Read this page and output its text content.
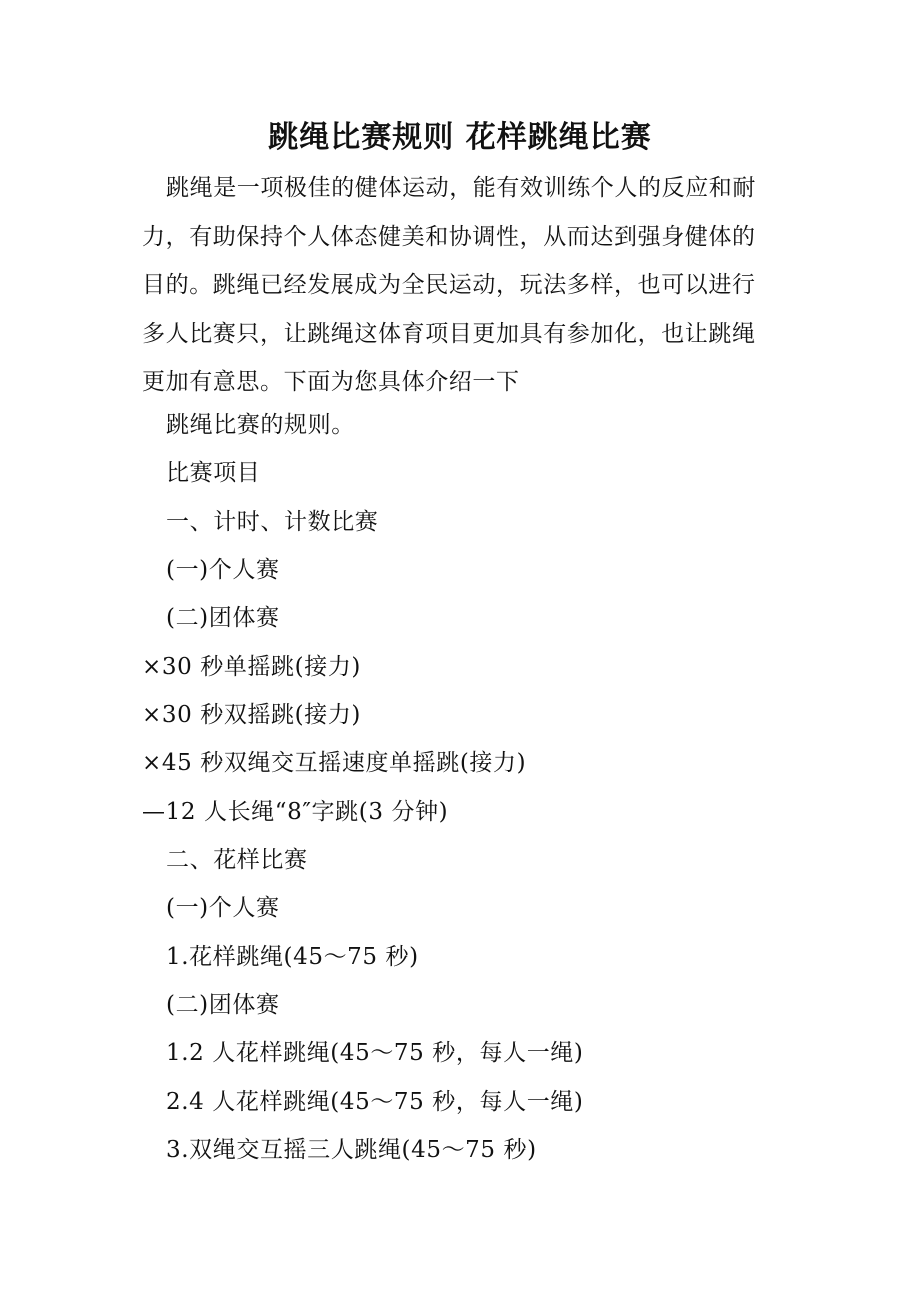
跳绳比赛规则 花样跳绳比赛

跳绳是一项极佳的健体运动，能有效训练个人的反应和耐力，有助保持个人体态健美和协调性，从而达到强身健体的目的。跳绳已经发展成为全民运动，玩法多样，也可以进行多人比赛只，让跳绳这体育项目更加具有参加化，也让跳绳更加有意思。下面为您具体介绍一下

跳绳比赛的规则。

比赛项目

一、计时、计数比赛

(一)个人赛

(二)团体赛

×30 秒单摇跳(接力)

×30 秒双摇跳(接力)

×45 秒双绳交互摇速度单摇跳(接力)

—12 人长绳“8″字跳(3 分钟)

二、花样比赛

(一)个人赛

1.花样跳绳(45～75 秒)

(二)团体赛

1.2 人花样跳绳(45～75 秒，每人一绳)

2.4 人花样跳绳(45～75 秒，每人一绳)

3.双绳交互摇三人跳绳(45～75 秒)
